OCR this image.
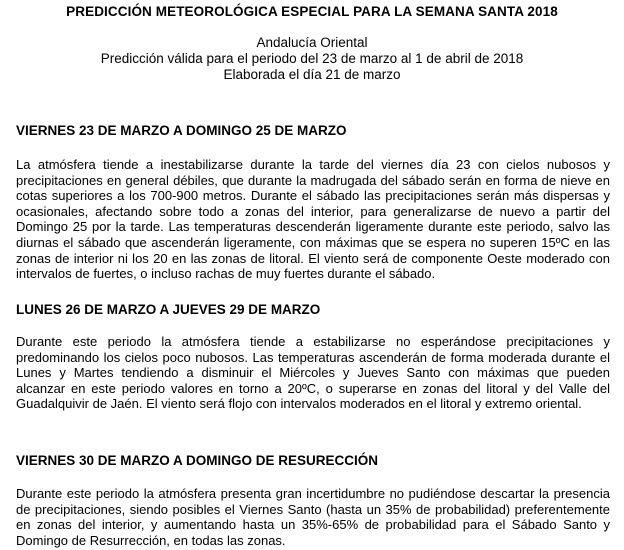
PREDICCIÓN METEOROLÓGICA ESPECIAL PARA LA SEMANA SANTA 2018
Andalucía Oriental
Predicción válida para el periodo del 23 de marzo al 1 de abril de 2018
Elaborada el día 21 de marzo
VIERNES 23 DE MARZO A DOMINGO 25 DE MARZO
La atmósfera tiende a inestabilizarse durante la tarde del viernes día 23 con cielos nubosos y
precipitaciones en general débiles, que durante la madrugada del sábado serán en forma de nieve en
cotas superiores a los 700-900 metros. Durante el sábado las precipitaciones serán más dispersas y
ocasionales, afectando sobre todo a zonas del interior, para generalizarse de nuevo a partir del
Domingo 25 por la tarde. Las temperaturas descenderán ligeramente durante este periodo, salvo las
diurnas el sábado que ascenderán ligeramente, con máximas que se espera no superen 15ºC en las
zonas de interior ni los 20 en las zonas de litoral. El viento será de componente Oeste moderado con
intervalos de fuertes, o incluso rachas de muy fuertes durante el sábado.
LUNES 26 DE MARZO A JUEVES 29 DE MARZO
Durante este periodo la atmósfera tiende a estabilizarse no esperándose precipitaciones y
predominando los cielos poco nubosos. Las temperaturas ascenderán de forma moderada durante el
Lunes y Martes tendiendo a disminuir el Miércoles y Jueves Santo con máximas que pueden
alcanzar en este periodo valores en torno a 20ºC, o superarse en zonas del litoral y del Valle del
Guadalquivir de Jaén. El viento será flojo con intervalos moderados en el litoral y extremo oriental.
VIERNES 30 DE MARZO A DOMINGO DE RESURECCIÓN
Durante este periodo la atmósfera presenta gran incertidumbre no pudiéndose descartar la presencia
de precipitaciones, siendo posibles el Viernes Santo (hasta un 35% de probabilidad) preferentemente
en zonas del interior, y aumentando hasta un 35%-65% de probabilidad para el Sábado Santo y
Domingo de Resurrección, en todas las zonas.
